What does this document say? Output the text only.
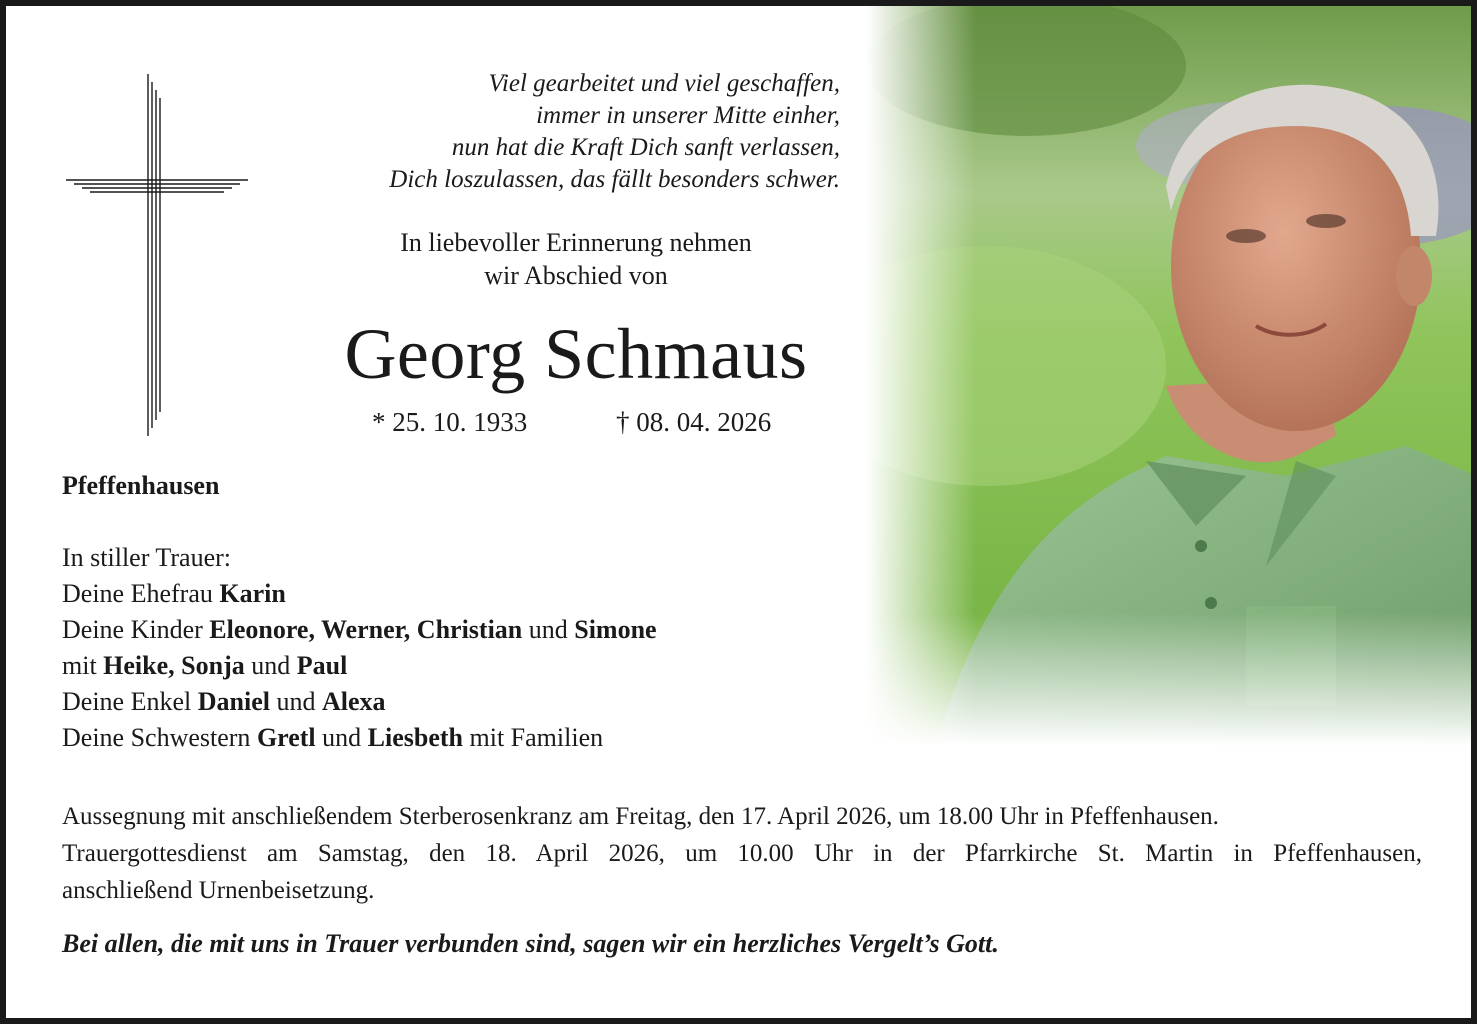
Viel gearbeitet und viel geschaffen,
immer in unserer Mitte einher,
nun hat die Kraft Dich sanft verlassen,
Dich loszulassen, das fällt besonders schwer.
In liebevoller Erinnerung nehmen
wir Abschied von
Georg Schmaus
* 25. 10. 1933	† 08. 04. 2026
Pfeffenhausen
In stiller Trauer:
Deine Ehefrau Karin
Deine Kinder Eleonore, Werner, Christian und Simone
mit Heike, Sonja und Paul
Deine Enkel Daniel und Alexa
Deine Schwestern Gretl und Liesbeth mit Familien
Aussegnung mit anschließendem Sterberosenkranz am Freitag, den 17. April 2026, um 18.00 Uhr in Pfeffenhausen.
Trauergottesdienst am Samstag, den 18. April 2026, um 10.00 Uhr in der Pfarrkirche St. Martin in Pfeffenhausen,
anschließend Urnenbeisetzung.
Bei allen, die mit uns in Trauer verbunden sind, sagen wir ein herzliches Vergelt’s Gott.
